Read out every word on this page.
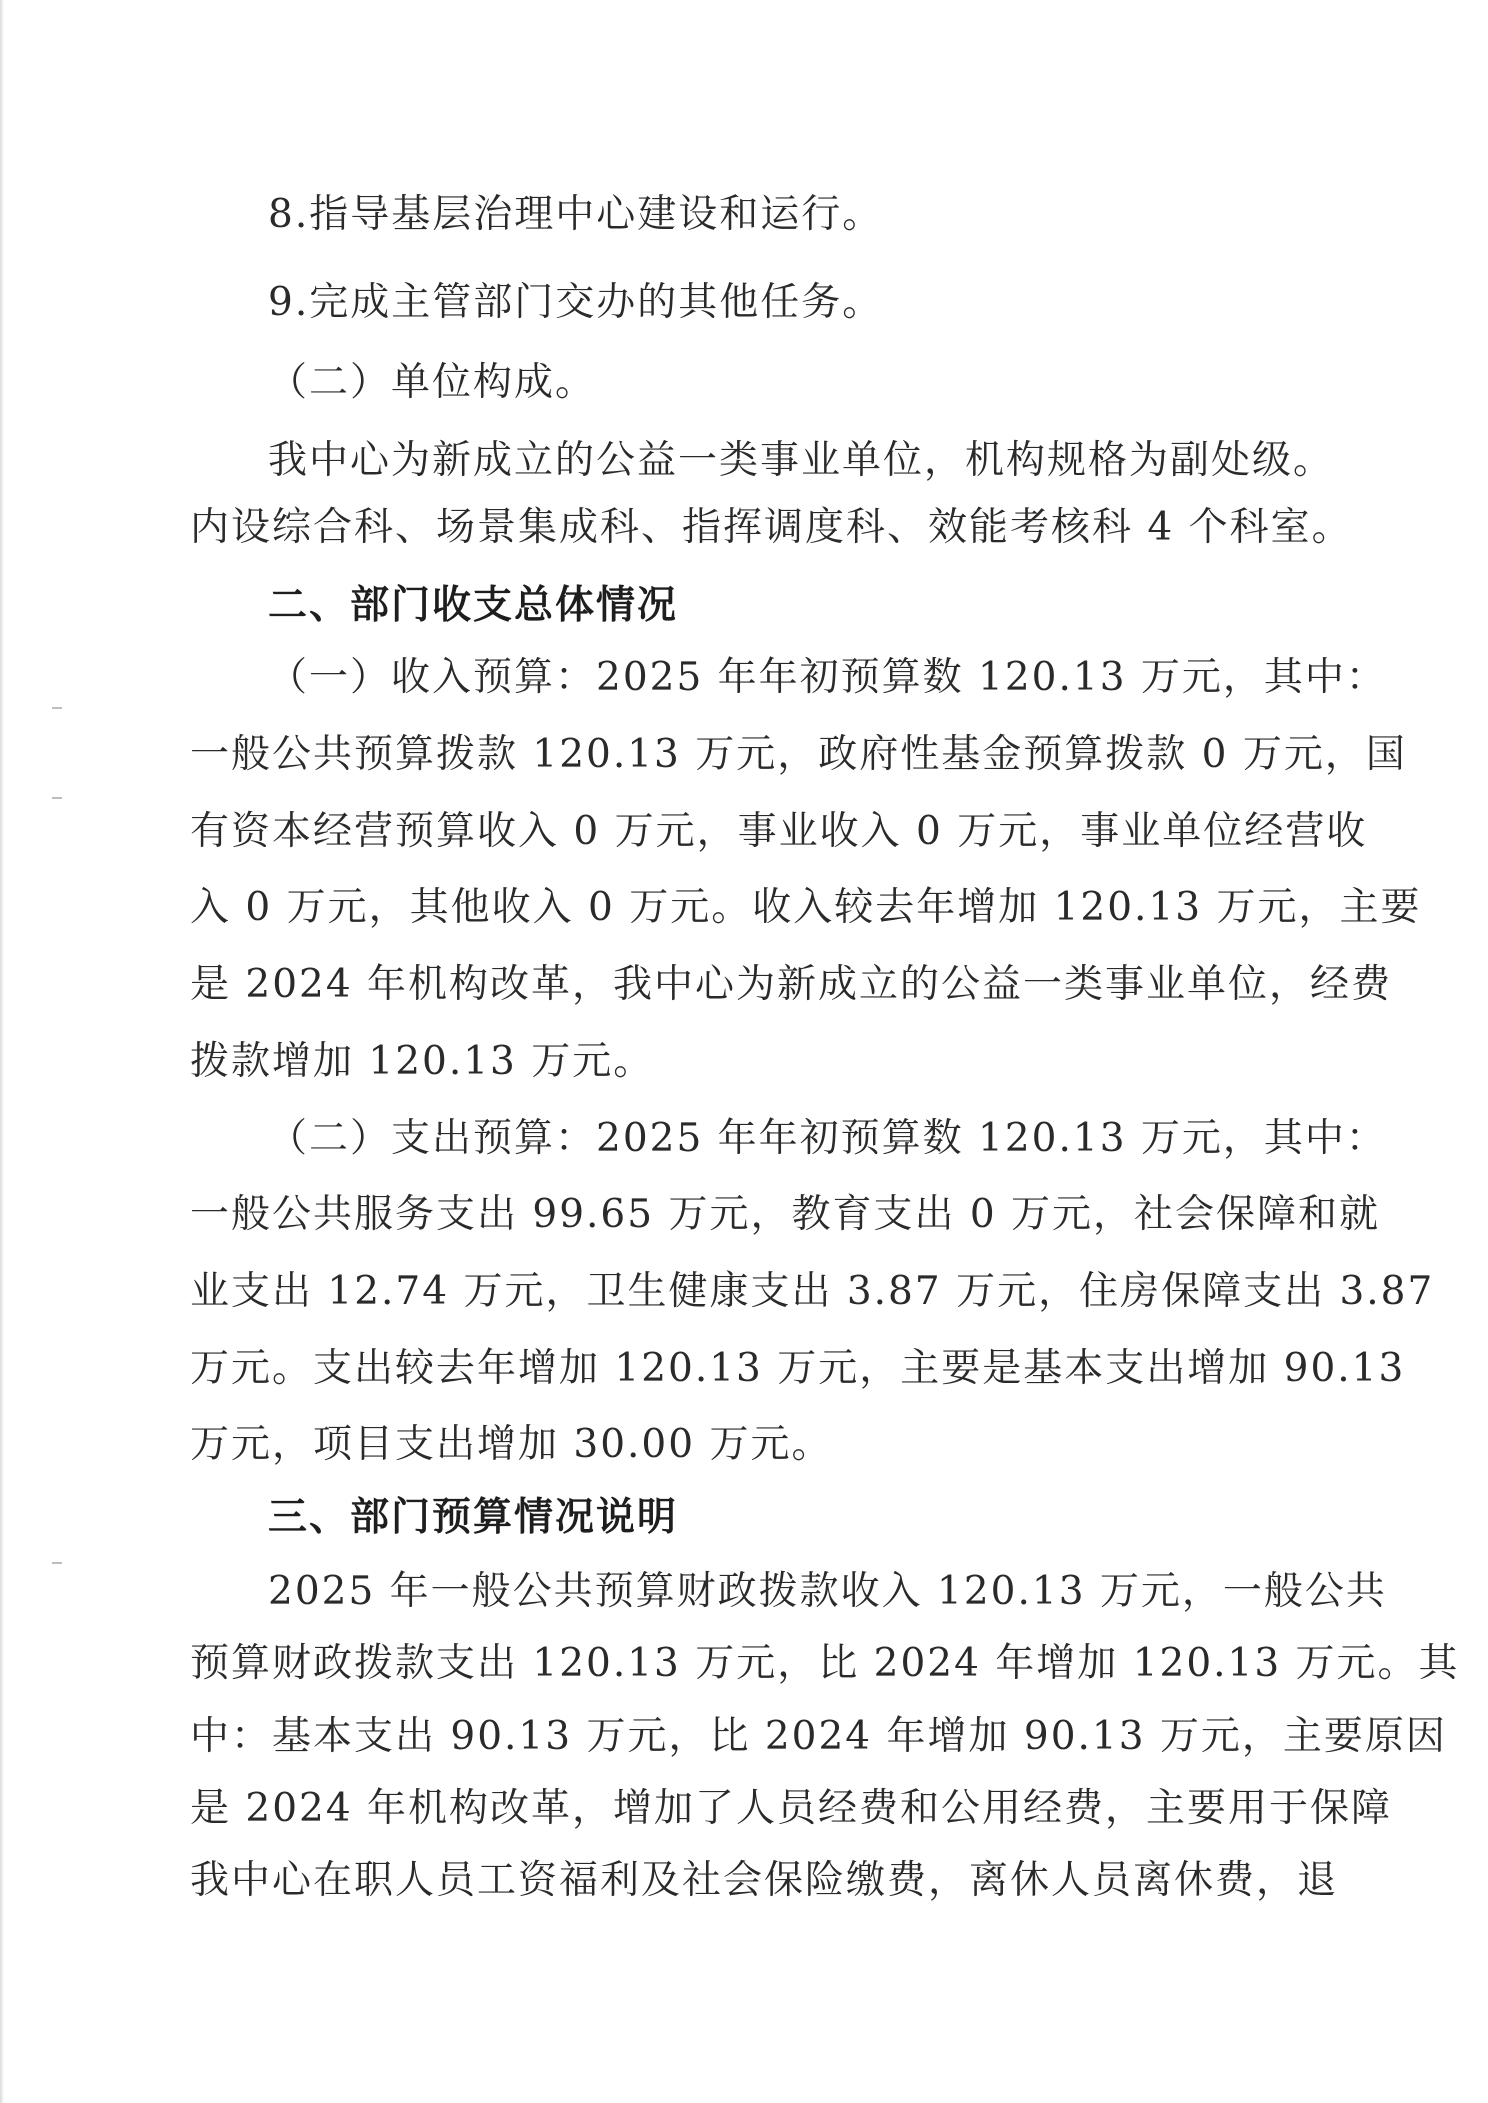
8.指导基层治理中心建设和运行。
9.完成主管部门交办的其他任务。
（二）单位构成。
我中心为新成立的公益一类事业单位，机构规格为副处级。
内设综合科、场景集成科、指挥调度科、效能考核科 4 个科室。
二、部门收支总体情况
（一）收入预算：2025 年年初预算数 120.13 万元，其中：
一般公共预算拨款 120.13 万元，政府性基金预算拨款 0 万元，国
有资本经营预算收入 0 万元，事业收入 0 万元，事业单位经营收
入 0 万元，其他收入 0 万元。收入较去年增加 120.13 万元，主要
是 2024 年机构改革，我中心为新成立的公益一类事业单位，经费
拨款增加 120.13 万元。
（二）支出预算：2025 年年初预算数 120.13 万元，其中：
一般公共服务支出 99.65 万元，教育支出 0 万元，社会保障和就
业支出 12.74 万元，卫生健康支出 3.87 万元，住房保障支出 3.87
万元。支出较去年增加 120.13 万元，主要是基本支出增加 90.13
万元，项目支出增加 30.00 万元。
三、部门预算情况说明
2025 年一般公共预算财政拨款收入 120.13 万元，一般公共
预算财政拨款支出 120.13 万元，比 2024 年增加 120.13 万元。其
中：基本支出 90.13 万元，比 2024 年增加 90.13 万元，主要原因
是 2024 年机构改革，增加了人员经费和公用经费，主要用于保障
我中心在职人员工资福利及社会保险缴费，离休人员离休费，退
